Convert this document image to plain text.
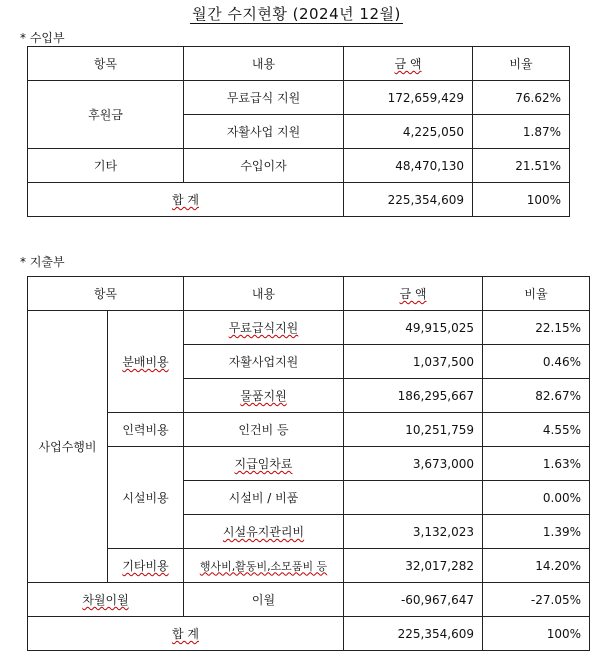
월간 수지현황 (2024년 12월)
* 수입부
항목	내용	금 액	비율
후원금	무료급식 지원	172,659,429	76.62%
	자활사업 지원	4,225,050	1.87%
기타	수입이자	48,470,130	21.51%
합 계		225,354,609	100%
* 지출부
항목		내용	금 액	비율
사업수행비	분배비용	무료급식지원	49,915,025	22.15%
		자활사업지원	1,037,500	0.46%
		물품지원	186,295,667	82.67%
	인력비용	인건비 등	10,251,759	4.55%
	시설비용	지급임차료	3,673,000	1.63%
		시설비 / 비품		0.00%
		시설유지관리비	3,132,023	1.39%
	기타비용	행사비,활동비,소모품비 등	32,017,282	14.20%
차월이월		이월	-60,967,647	-27.05%
합 계			225,354,609	100%
